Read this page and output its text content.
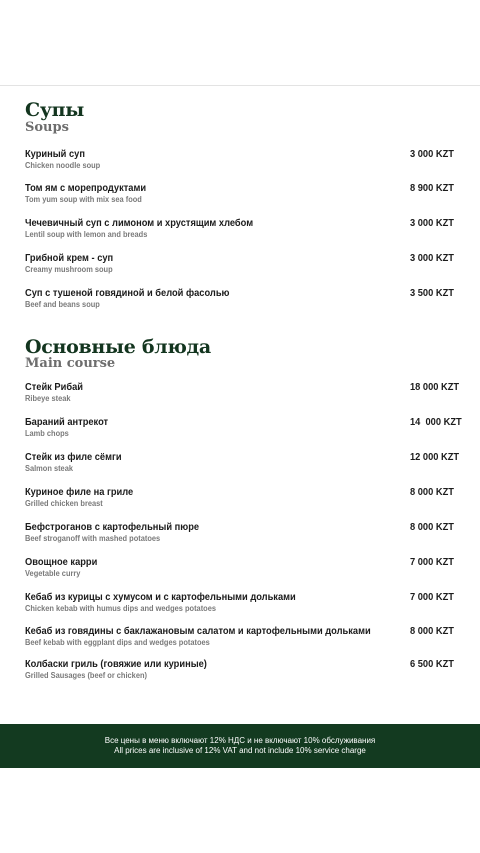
Супы
Soups
Куриный суп
Chicken noodle soup
3 000 KZT
Том ям с морепродуктами
Tom yum soup with mix sea food
8 900 KZT
Чечевичный суп с лимоном и хрустящим хлебом
Lentil soup with lemon and breads
3 000 KZT
Грибной крем - суп
Creamy mushroom soup
3 000 KZT
Суп с тушеной говядиной и белой фасолью
Beef and beans soup
3 500 KZT
Основные блюда
Main course
Стейк Рибай
Ribeye steak
18 000 KZT
Бараний антрекот
Lamb chops
14  000 KZT
Стейк из филе сёмги
Salmon steak
12 000 KZT
Куриное филе на гриле
Grilled chicken breast
8 000 KZT
Бефстроганов с картофельный пюре
Beef stroganoff with mashed potatoes
8 000 KZT
Овощное карри
Vegetable curry
7 000 KZT
Кебаб из курицы с хумусом и с картофельными дольками
Chicken kebab with humus dips and wedges potatoes
7 000 KZT
Кебаб из говядины с баклажановым салатом и картофельными дольками
Beef kebab with eggplant dips and wedges potatoes
8 000 KZT
Колбаски гриль (говяжие или куриные)
Grilled Sausages (beef or chicken)
6 500 KZT
Все цены в меню включают 12% НДС и не включают 10% обслуживания
All prices are inclusive of 12% VAT and not include 10% service charge
